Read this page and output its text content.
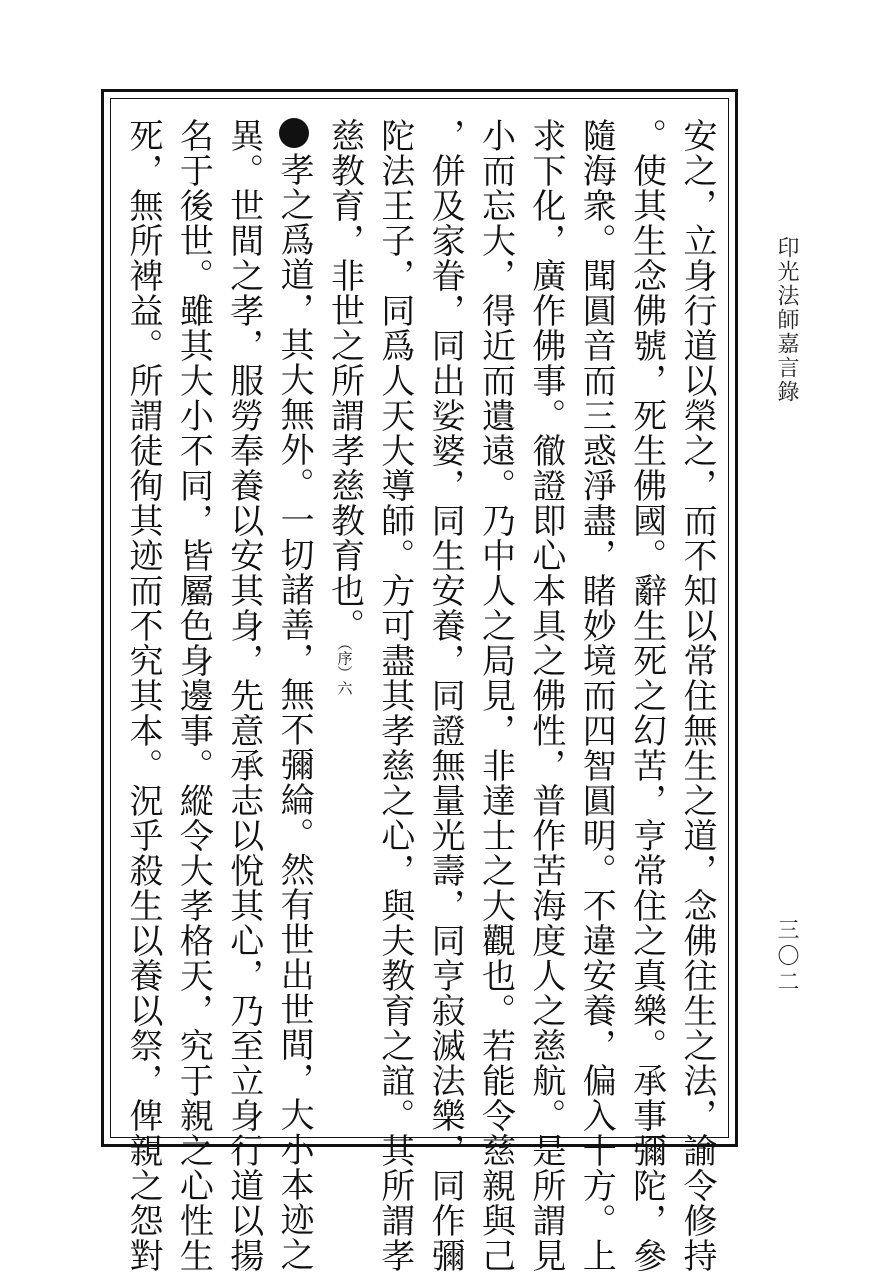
印光法師嘉言錄
三〇二
安之，立身行道以榮之，而不知以常住無生之道，念佛往生之法，諭令修持
。使其生念佛號，死生佛國。辭生死之幻苦，亨常住之真樂。承事彌陀，參
隨海衆。聞圓音而三惑淨盡，睹妙境而四智圓明。不違安養，偏入十方。上
求下化，廣作佛事。徹證即心本具之佛性，普作苦海度人之慈航。是所謂見
小而忘大，得近而遺遠。乃中人之局見，非達士之大觀也。若能令慈親與己
，併及家眷，同出娑婆，同生安養，同證無量光壽，同亨寂滅法樂，同作彌
陀法王子，同爲人天大導師。方可盡其孝慈之心，與夫教育之誼。其所謂孝
慈教育，非世之所謂孝慈教育也。（序）六
孝之爲道，其大無外。一切諸善，無不彌綸。然有世出世間，大小本迹之
異。世間之孝，服勞奉養以安其身，先意承志以悅其心，乃至立身行道以揚
名于後世。雖其大小不同，皆屬色身邊事。縱令大孝格天，究于親之心性生
死，無所裨益。所謂徒徇其迹而不究其本。況乎殺生以養以祭，俾親之怨對
